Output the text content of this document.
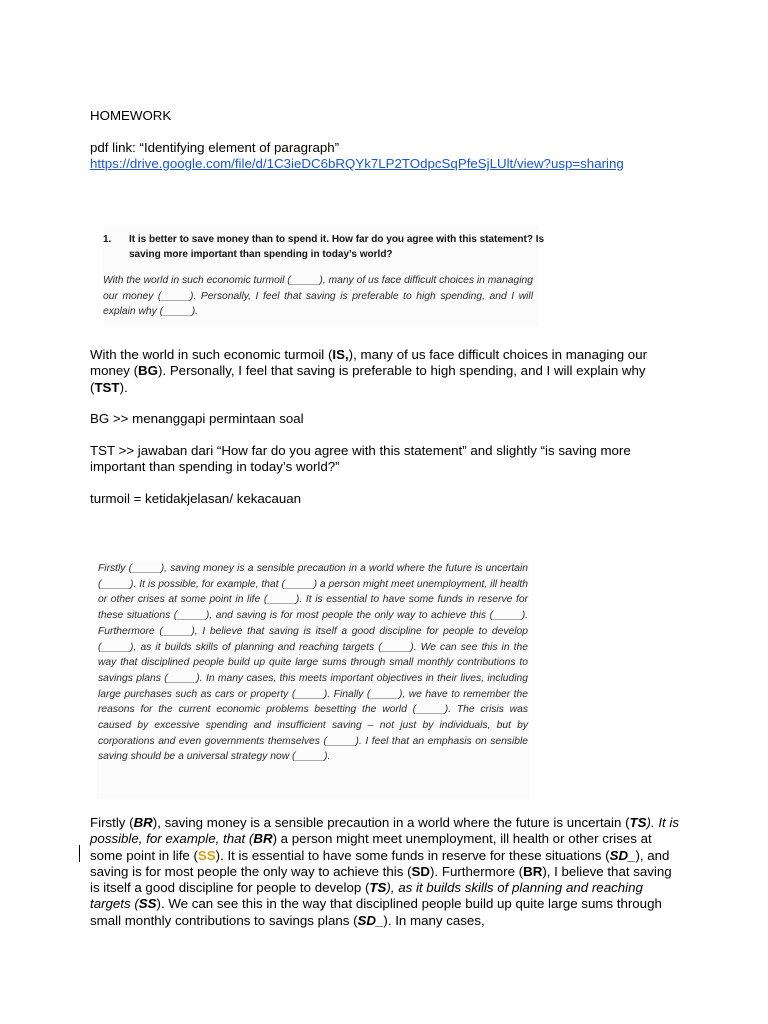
HOMEWORK
pdf link: “Identifying element of paragraph”
https://drive.google.com/file/d/1C3ieDC6bRQYk7LP2TOdpcSqPfeSjLUlt/view?usp=sharing
1. It is better to save money than to spend it. How far do you agree with this statement? Is saving more important than spending in today’s world?
With the world in such economic turmoil (_____), many of us face difficult choices in managing our money (_____). Personally, I feel that saving is preferable to high spending, and I will explain why (_____).
With the world in such economic turmoil (IS,), many of us face difficult choices in managing our money (BG). Personally, I feel that saving is preferable to high spending, and I will explain why (TST).
BG >> menanggapi permintaan soal
TST >> jawaban dari “How far do you agree with this statement” and slightly “is saving more important than spending in today’s world?”
turmoil = ketidakjelasan/ kekacauan
Firstly (_____), saving money is a sensible precaution in a world where the future is uncertain (_____). It is possible, for example, that (_____) a person might meet unemployment, ill health or other crises at some point in life (_____). It is essential to have some funds in reserve for these situations (_____), and saving is for most people the only way to achieve this (_____). Furthermore (_____), I believe that saving is itself a good discipline for people to develop (_____), as it builds skills of planning and reaching targets (_____). We can see this in the way that disciplined people build up quite large sums through small monthly contributions to savings plans (_____). In many cases, this meets important objectives in their lives, including large purchases such as cars or property (_____). Finally (_____), we have to remember the reasons for the current economic problems besetting the world (_____). The crisis was caused by excessive spending and insufficient saving – not just by individuals, but by corporations and even governments themselves (_____). I feel that an emphasis on sensible saving should be a universal strategy now (_____).
Firstly (BR), saving money is a sensible precaution in a world where the future is uncertain (TS). It is possible, for example, that (BR) a person might meet unemployment, ill health or other crises at some point in life (SS). It is essential to have some funds in reserve for these situations (SD_), and saving is for most people the only way to achieve this (SD). Furthermore (BR), I believe that saving is itself a good discipline for people to develop (TS), as it builds skills of planning and reaching targets (SS). We can see this in the way that disciplined people build up quite large sums through small monthly contributions to savings plans (SD_). In many cases,
